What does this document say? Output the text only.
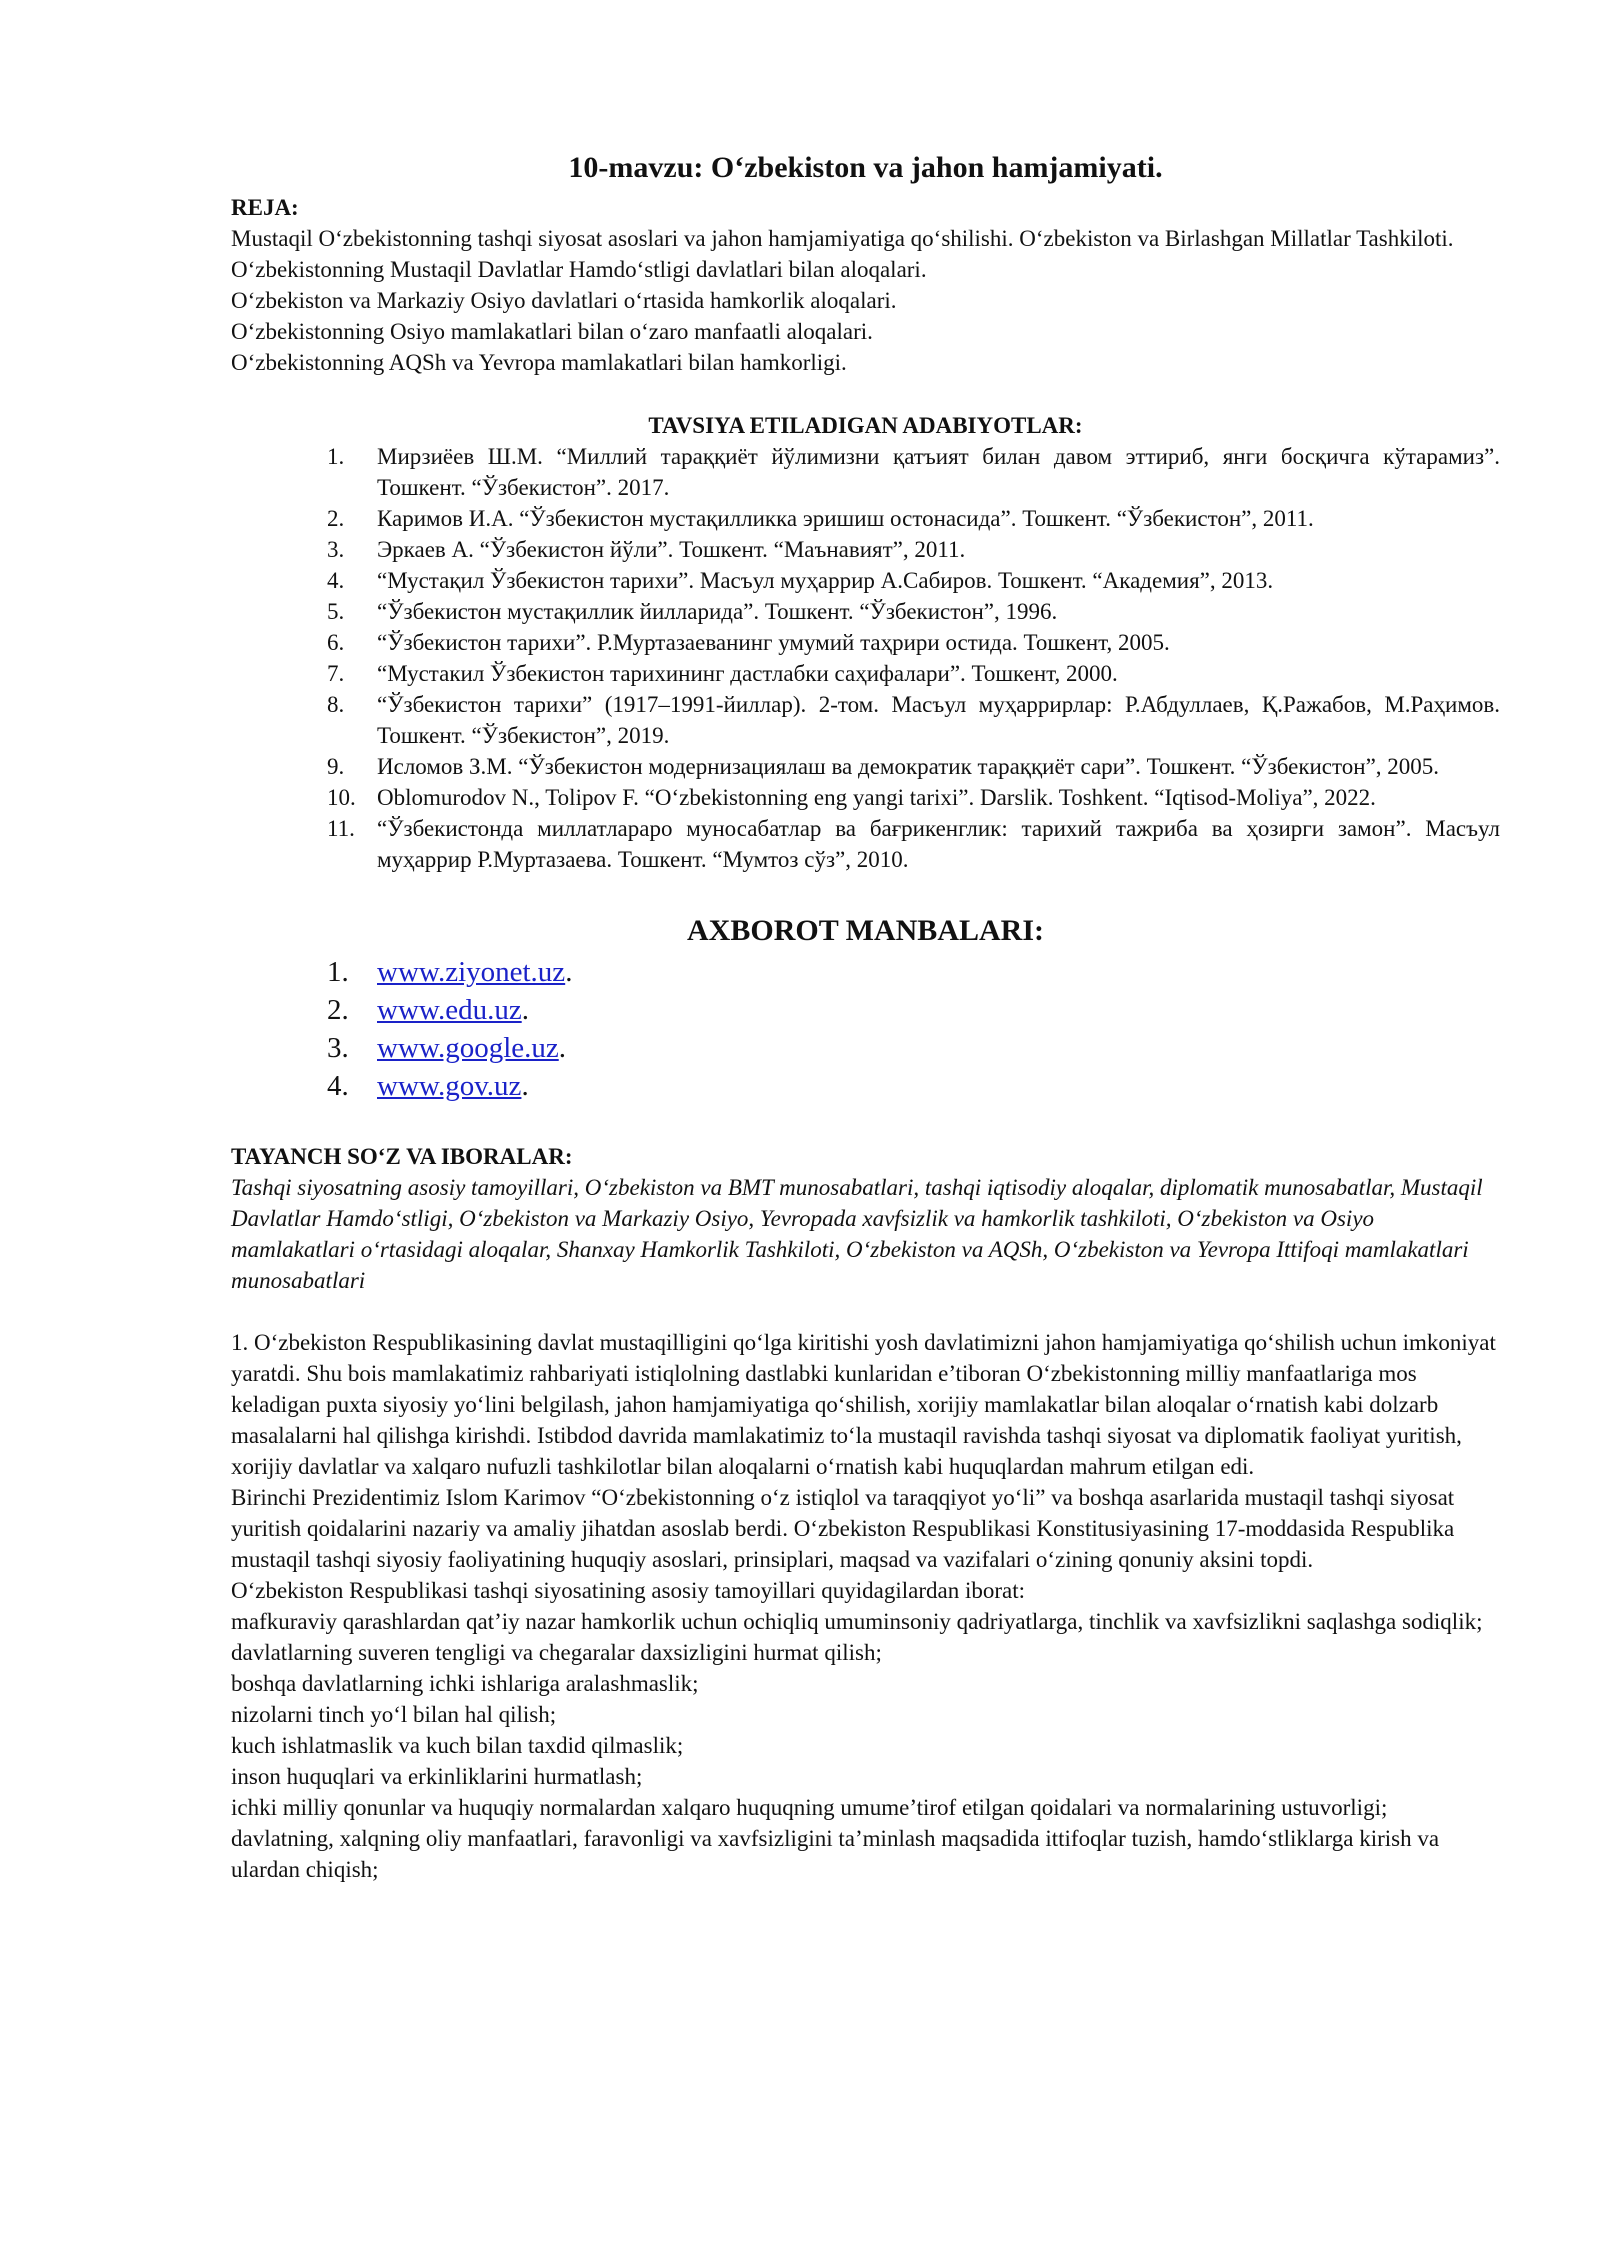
10-mavzu: O‘zbekiston va jahon hamjamiyati.

REJA:

Mustaqil O‘zbekistonning tashqi siyosat asoslari va jahon hamjamiyatiga qo‘shilishi. O‘zbekiston va Birlashgan Millatlar Tashkiloti.

O‘zbekistonning Mustaqil Davlatlar Hamdo‘stligi davlatlari bilan aloqalari.

O‘zbekiston va Markaziy Osiyo davlatlari o‘rtasida hamkorlik aloqalari.

O‘zbekistonning Osiyo mamlakatlari bilan o‘zaro manfaatli aloqalari.

O‘zbekistonning AQSh va Yevropa mamlakatlari bilan hamkorligi.

TAVSIYA ETILADIGAN ADABIYOTLAR:

1. Мирзиёев Ш.М. “Миллий тараққиёт йўлимизни қатъият билан давом эттириб, янги босқичга кўтарамиз”. Тошкент. “Ўзбекистон”. 2017.
2. Каримов И.А. “Ўзбекистон мустақилликка эришиш остонасида”. Тошкент. “Ўзбекистон”, 2011.
3. Эркаев А. “Ўзбекистон йўли”. Тошкент. “Маънавият”, 2011.
4. “Мустақил Ўзбекистон тарихи”. Масъул муҳаррир А.Сабиров. Тошкент. “Академия”, 2013.
5. “Ўзбекистон мустақиллик йилларида”. Тошкент. “Ўзбекистон”, 1996.
6. “Ўзбекистон тарихи”. Р.Муртазаеванинг умумий таҳрири остида. Тошкент, 2005.
7. “Мустакил Ўзбекистон тарихининг дастлабки саҳифалари”. Тошкент, 2000.
8. “Ўзбекистон тарихи” (1917–1991-йиллар). 2-том. Масъул муҳаррирлар: Р.Абдуллаев, Қ.Ражабов, М.Раҳимов. Тошкент. “Ўзбекистон”, 2019.
9. Исломов З.М. “Ўзбекистон модернизациялаш ва демократик тараққиёт сари”. Тошкент. “Ўзбекистон”, 2005.
10. Oblomurodov N., Tolipov F. “O‘zbekistonning eng yangi tarixi”. Darslik. Toshkent. “Iqtisod-Moliya”, 2022.
11. “Ўзбекистонда миллатлараро муносабатлар ва бағрикенглик: тарихий тажриба ва ҳозирги замон”. Масъул муҳаррир Р.Муртазаева. Тошкент. “Мумтоз сўз”, 2010.

AXBOROT MANBALARI:

1. www.ziyonet.uz.
2. www.edu.uz.
3. www.google.uz.
4. www.gov.uz.

TAYANCH SO‘Z VA IBORALAR:

Tashqi siyosatning asosiy tamoyillari, O‘zbekiston va BMT munosabatlari, tashqi iqtisodiy aloqalar, diplomatik munosabatlar, Mustaqil Davlatlar Hamdo‘stligi, O‘zbekiston va Markaziy Osiyo, Yevropada xavfsizlik va hamkorlik tashkiloti, O‘zbekiston va Osiyo mamlakatlari o‘rtasidagi aloqalar, Shanxay Hamkorlik Tashkiloti, O‘zbekiston va AQSh, O‘zbekiston va Yevropa Ittifoqi mamlakatlari munosabatlari

1. O‘zbekiston Respublikasining davlat mustaqilligini qo‘lga kiritishi yosh davlatimizni jahon hamjamiyatiga qo‘shilish uchun imkoniyat yaratdi. Shu bois mamlakatimiz rahbariyati istiqlolning dastlabki kunlaridan e’tiboran O‘zbekistonning milliy manfaatlariga mos keladigan puxta siyosiy yo‘lini belgilash, jahon hamjamiyatiga qo‘shilish, xorijiy mamlakatlar bilan aloqalar o‘rnatish kabi dolzarb masalalarni hal qilishga kirishdi. Istibdod davrida mamlakatimiz to‘la mustaqil ravishda tashqi siyosat va diplomatik faoliyat yuritish, xorijiy davlatlar va xalqaro nufuzli tashkilotlar bilan aloqalarni o‘rnatish kabi huquqlardan mahrum etilgan edi.

Birinchi Prezidentimiz Islom Karimov “O‘zbekistonning o‘z istiqlol va taraqqiyot yo‘li” va boshqa asarlarida mustaqil tashqi siyosat yuritish qoidalarini nazariy va amaliy jihatdan asoslab berdi. O‘zbekiston Respublikasi Konstitusiyasining 17-moddasida Respublika mustaqil tashqi siyosiy faoliyatining huquqiy asoslari, prinsiplari, maqsad va vazifalari o‘zining qonuniy aksini topdi.

O‘zbekiston Respublikasi tashqi siyosatining asosiy tamoyillari quyidagilardan iborat:

mafkuraviy qarashlardan qat’iy nazar hamkorlik uchun ochiqliq umuminsoniy qadriyatlarga, tinchlik va xavfsizlikni saqlashga sodiqlik;

davlatlarning suveren tengligi va chegaralar daxsizligini hurmat qilish;

boshqa davlatlarning ichki ishlariga aralashmaslik;

nizolarni tinch yo‘l bilan hal qilish;

kuch ishlatmaslik va kuch bilan taxdid qilmaslik;

inson huquqlari va erkinliklarini hurmatlash;

ichki milliy qonunlar va huquqiy normalardan xalqaro huquqning umume’tirof etilgan qoidalari va normalarining ustuvorligi;

davlatning, xalqning oliy manfaatlari, faravonligi va xavfsizligini ta’minlash maqsadida ittifoqlar tuzish, hamdo‘stliklarga kirish va ulardan chiqish;
